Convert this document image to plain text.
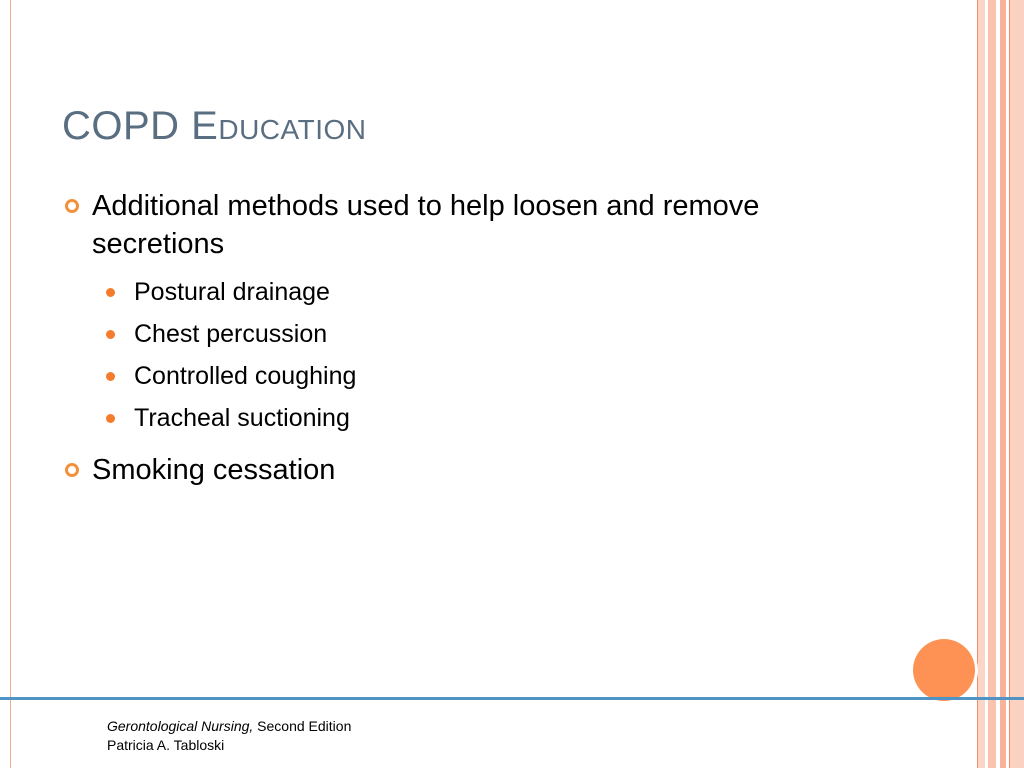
COPD Education
Additional methods used to help loosen and remove secretions
Postural drainage
Chest percussion
Controlled coughing
Tracheal suctioning
Smoking cessation
Gerontological Nursing, Second Edition
Patricia A. Tabloski
